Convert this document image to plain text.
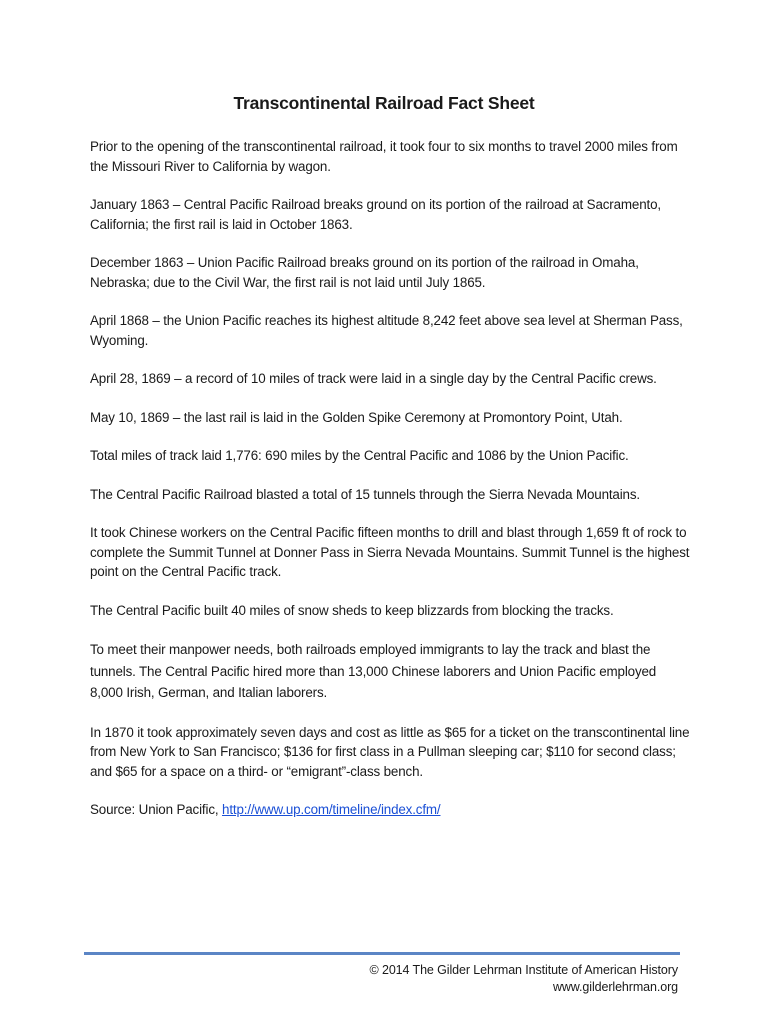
Transcontinental Railroad Fact Sheet

Prior to the opening of the transcontinental railroad, it took four to six months to travel 2000 miles from the Missouri River to California by wagon.

January 1863 – Central Pacific Railroad breaks ground on its portion of the railroad at Sacramento, California; the first rail is laid in October 1863.

December 1863 – Union Pacific Railroad breaks ground on its portion of the railroad in Omaha, Nebraska; due to the Civil War, the first rail is not laid until July 1865.

April 1868 – the Union Pacific reaches its highest altitude 8,242 feet above sea level at Sherman Pass, Wyoming.

April 28, 1869 – a record of 10 miles of track were laid in a single day by the Central Pacific crews.

May 10, 1869 – the last rail is laid in the Golden Spike Ceremony at Promontory Point, Utah.

Total miles of track laid 1,776: 690 miles by the Central Pacific and 1086 by the Union Pacific.

The Central Pacific Railroad blasted a total of 15 tunnels through the Sierra Nevada Mountains.

It took Chinese workers on the Central Pacific fifteen months to drill and blast through 1,659 ft of rock to complete the Summit Tunnel at Donner Pass in Sierra Nevada Mountains. Summit Tunnel is the highest point on the Central Pacific track.

The Central Pacific built 40 miles of snow sheds to keep blizzards from blocking the tracks.

To meet their manpower needs, both railroads employed immigrants to lay the track and blast the tunnels. The Central Pacific hired more than 13,000 Chinese laborers and Union Pacific employed 8,000 Irish, German, and Italian laborers.

In 1870 it took approximately seven days and cost as little as $65 for a ticket on the transcontinental line from New York to San Francisco; $136 for first class in a Pullman sleeping car; $110 for second class; and $65 for a space on a third- or “emigrant”-class bench.

Source: Union Pacific, http://www.up.com/timeline/index.cfm/

© 2014 The Gilder Lehrman Institute of American History
www.gilderlehrman.org
